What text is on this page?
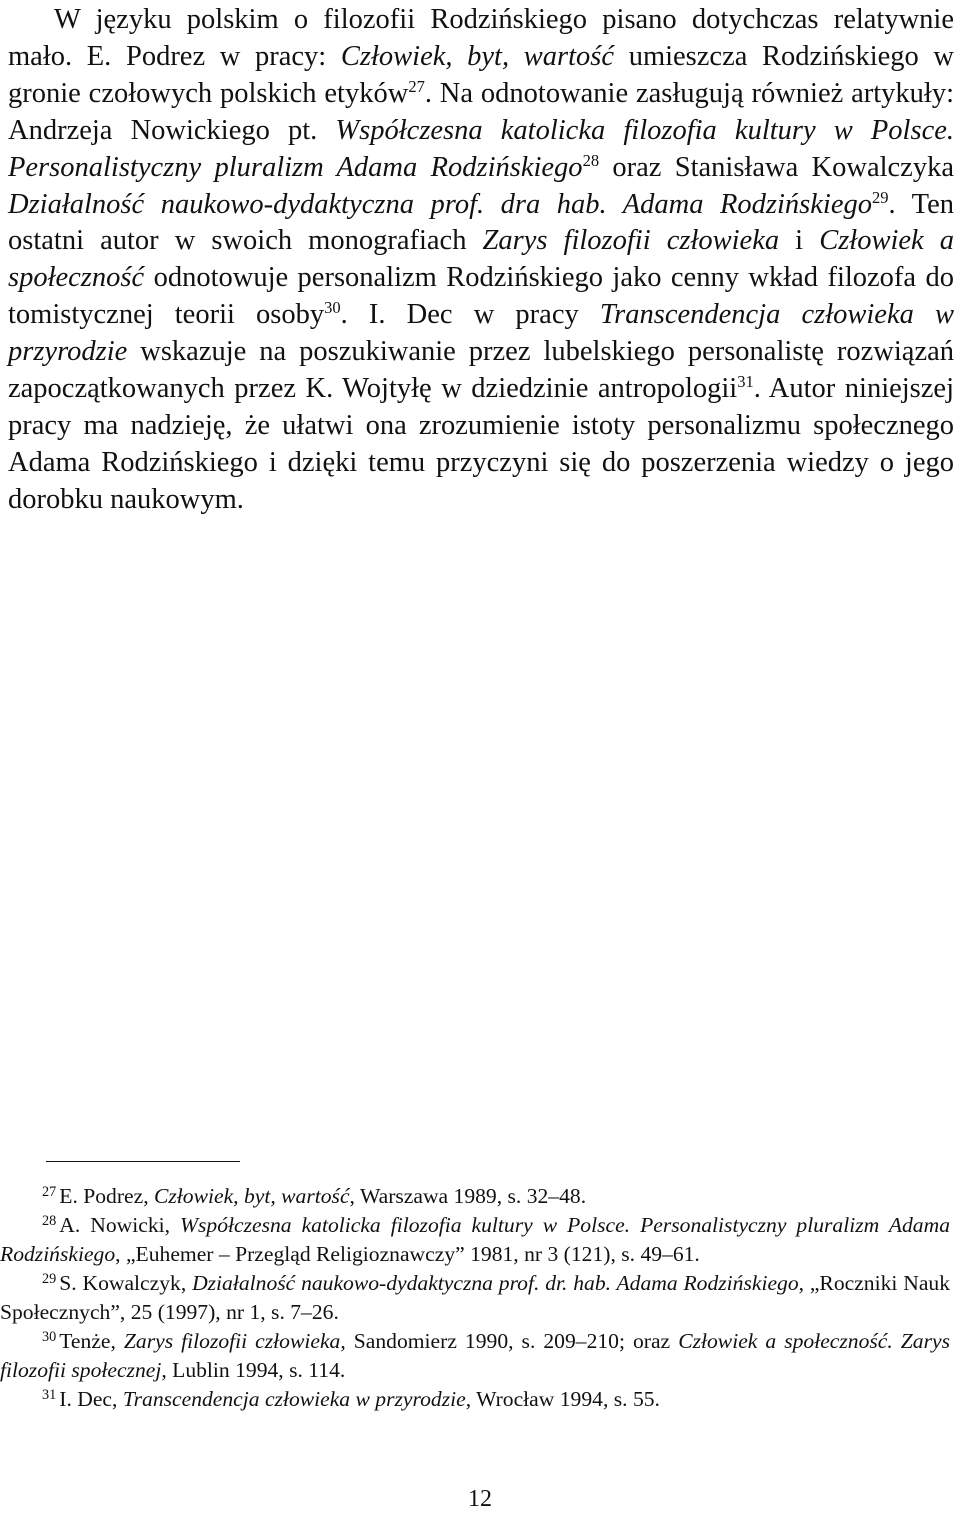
W języku polskim o filozofii Rodzińskiego pisano dotychczas relatywnie mało. E. Podrez w pracy: Człowiek, byt, wartość umieszcza Rodzińskiego w gronie czołowych polskich etyków$^{27}$. Na odnotowanie zasługują również artykuły: Andrzeja Nowickiego pt. Współczesna katolicka filozofia kultury w Polsce. Personalistyczny pluralizm Adama Rodzińskiego$^{28}$ oraz Stanisława Kowalczyka Działalność naukowo-dydaktyczna prof. dra hab. Adama Rodzińskiego$^{29}$. Ten ostatni autor w swoich monografiach Zarys filozofii człowieka i Człowiek a społeczność odnotowuje personalizm Rodzińskiego jako cenny wkład filozofa do tomistycznej teorii osoby$^{30}$. I. Dec w pracy Transcendencja człowieka w przyrodzie wskazuje na poszukiwanie przez lubelskiego personalistę rozwiązań zapoczątkowanych przez K. Wojtyłę w dziedzinie antropologii$^{31}$. Autor niniejszej pracy ma nadzieję, że ułatwi ona zrozumienie istoty personalizmu społecznego Adama Rodzińskiego i dzięki temu przyczyni się do poszerzenia wiedzy o jego dorobku naukowym.

$^{27}$ E. Podrez, Człowiek, byt, wartość, Warszawa 1989, s. 32–48.

$^{28}$ A. Nowicki, Współczesna katolicka filozofia kultury w Polsce. Personalistyczny pluralizm Adama Rodzińskiego, „Euhemer – Przegląd Religioznawczy” 1981, nr 3 (121), s. 49–61.

$^{29}$ S. Kowalczyk, Działalność naukowo-dydaktyczna prof. dr. hab. Adama Rodzińskiego, „Roczniki Nauk Społecznych”, 25 (1997), nr 1, s. 7–26.

$^{30}$ Tenże, Zarys filozofii człowieka, Sandomierz 1990, s. 209–210; oraz Człowiek a społeczność. Zarys filozofii społecznej, Lublin 1994, s. 114.

$^{31}$ I. Dec, Transcendencja człowieka w przyrodzie, Wrocław 1994, s. 55.

12
